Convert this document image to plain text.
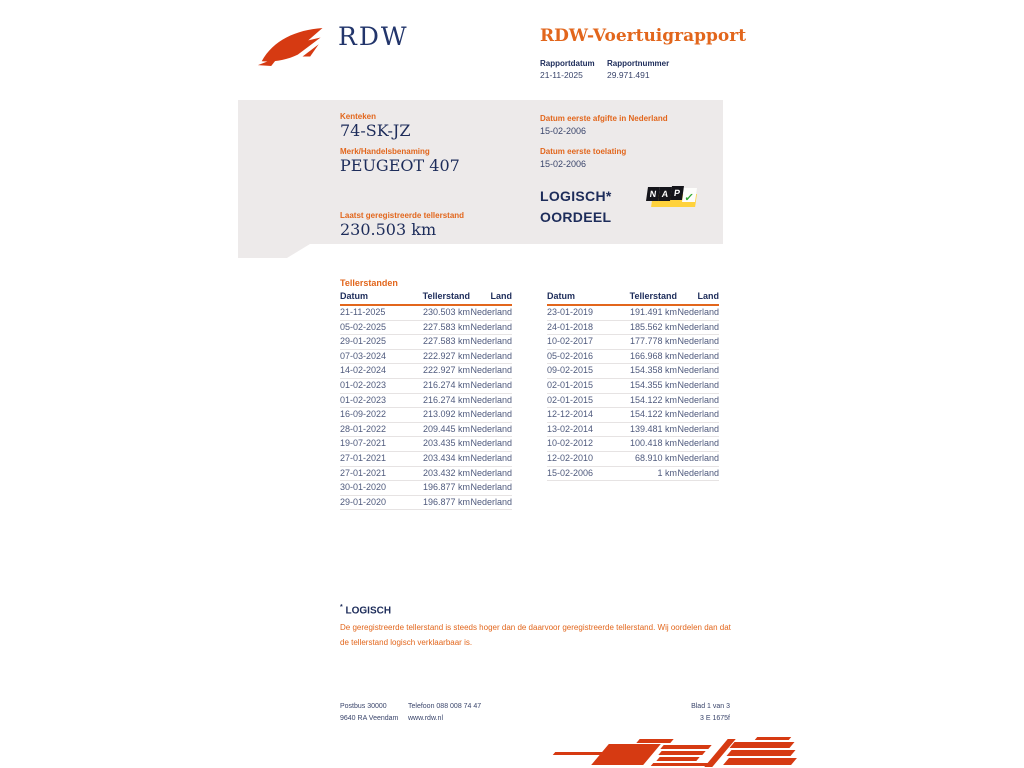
RDW	RDW-Voertuigrapport
Rapportdatum Rapportnummer
21-11-2025	29.971.491
Kenteken
74-SK-JZ
Merk/Handelsbenaming
PEUGEOT 407
Laatst geregistreerde tellerstand
230.503 km
Datum eerste afgifte in Nederland
15-02-2006
Datum eerste toelating
15-02-2006
LOGISCH*
OORDEEL
N A P ✓
Tellerstanden
Datum	Tellerstand	Land
21-11-2025	230.503 km	Nederland
05-02-2025	227.583 km	Nederland
29-01-2025	227.583 km	Nederland
07-03-2024	222.927 km	Nederland
14-02-2024	222.927 km	Nederland
01-02-2023	216.274 km	Nederland
01-02-2023	216.274 km	Nederland
16-09-2022	213.092 km	Nederland
28-01-2022	209.445 km	Nederland
19-07-2021	203.435 km	Nederland
27-01-2021	203.434 km	Nederland
27-01-2021	203.432 km	Nederland
30-01-2020	196.877 km	Nederland
29-01-2020	196.877 km	Nederland
Datum	Tellerstand	Land
23-01-2019	191.491 km	Nederland
24-01-2018	185.562 km	Nederland
10-02-2017	177.778 km	Nederland
05-02-2016	166.968 km	Nederland
09-02-2015	154.358 km	Nederland
02-01-2015	154.355 km	Nederland
02-01-2015	154.122 km	Nederland
12-12-2014	154.122 km	Nederland
13-02-2014	139.481 km	Nederland
10-02-2012	100.418 km	Nederland
12-02-2010	68.910 km	Nederland
15-02-2006	1 km	Nederland
* LOGISCH
De geregistreerde tellerstand is steeds hoger dan de daarvoor geregistreerde tellerstand. Wij oordelen dan dat de tellerstand logisch verklaarbaar is.
Postbus 30000
9640 RA Veendam
Telefoon 088 008 74 47
www.rdw.nl
Blad 1 van 3
3 E 1675f
